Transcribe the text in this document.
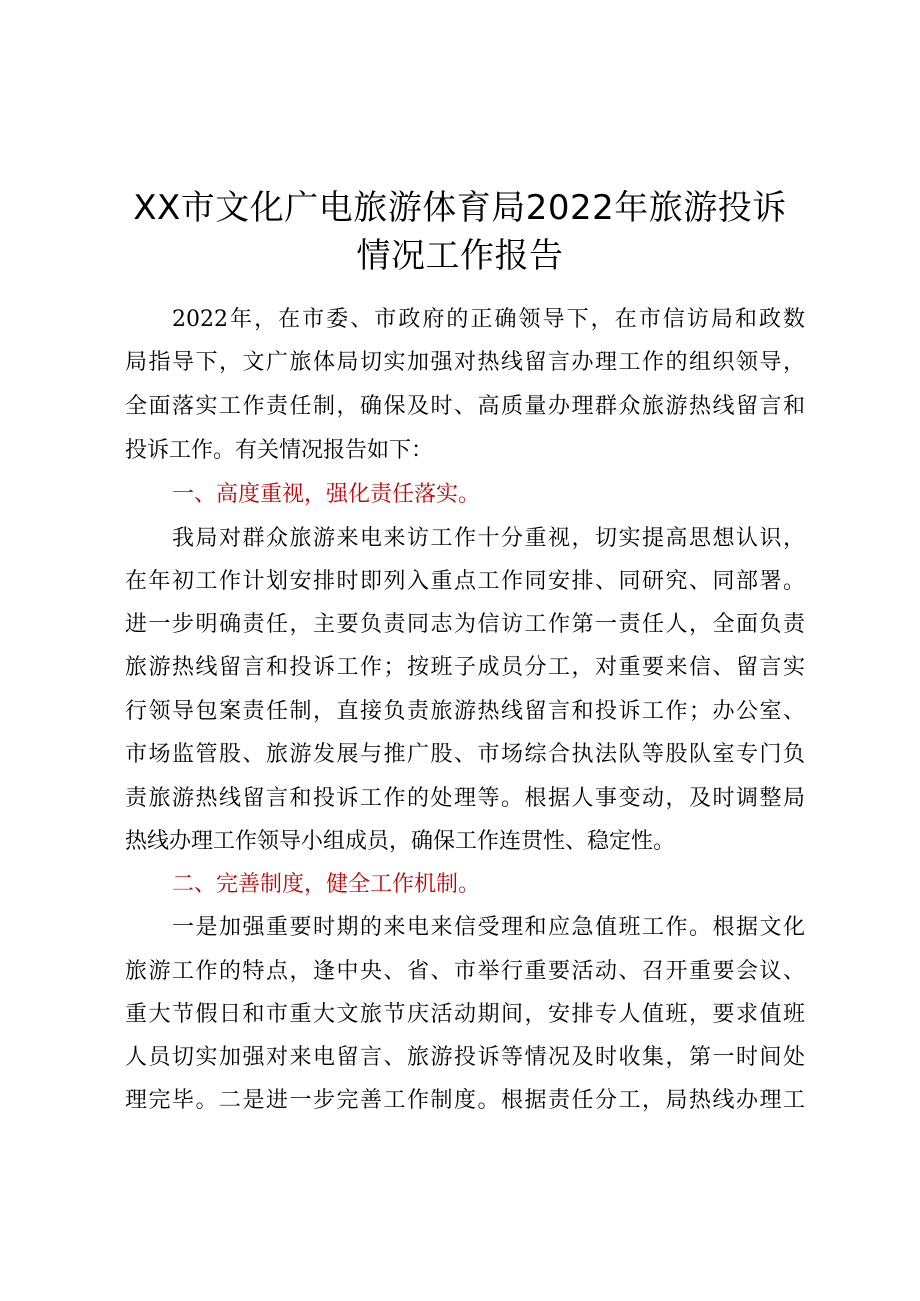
XX市文化广电旅游体育局2022年旅游投诉
情况工作报告
2022年，在市委、市政府的正确领导下，在市信访局和政数
局指导下，文广旅体局切实加强对热线留言办理工作的组织领导，
全面落实工作责任制，确保及时、高质量办理群众旅游热线留言和
投诉工作。有关情况报告如下：
一、高度重视，强化责任落实。
我局对群众旅游来电来访工作十分重视，切实提高思想认识，
在年初工作计划安排时即列入重点工作同安排、同研究、同部署。
进一步明确责任，主要负责同志为信访工作第一责任人，全面负责
旅游热线留言和投诉工作；按班子成员分工，对重要来信、留言实
行领导包案责任制，直接负责旅游热线留言和投诉工作；办公室、
市场监管股、旅游发展与推广股、市场综合执法队等股队室专门负
责旅游热线留言和投诉工作的处理等。根据人事变动，及时调整局
热线办理工作领导小组成员，确保工作连贯性、稳定性。
二、完善制度，健全工作机制。
一是加强重要时期的来电来信受理和应急值班工作。根据文化
旅游工作的特点，逢中央、省、市举行重要活动、召开重要会议、
重大节假日和市重大文旅节庆活动期间，安排专人值班，要求值班
人员切实加强对来电留言、旅游投诉等情况及时收集，第一时间处
理完毕。二是进一步完善工作制度。根据责任分工，局热线办理工
